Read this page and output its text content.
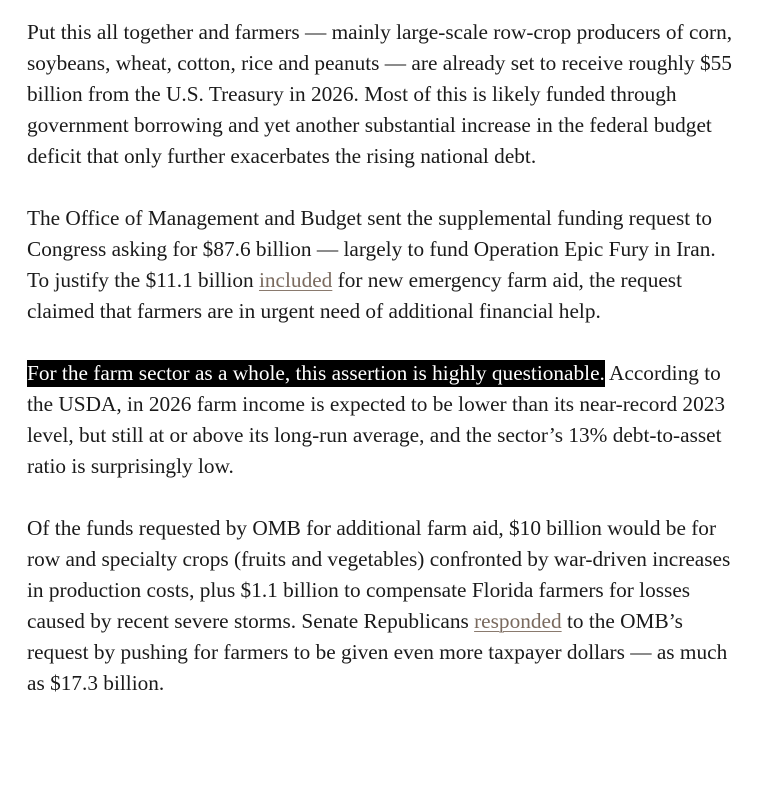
Put this all together and farmers — mainly large-scale row-crop producers of corn, soybeans, wheat, cotton, rice and peanuts — are already set to receive roughly $55 billion from the U.S. Treasury in 2026. Most of this is likely funded through government borrowing and yet another substantial increase in the federal budget deficit that only further exacerbates the rising national debt.

The Office of Management and Budget sent the supplemental funding request to Congress asking for $87.6 billion — largely to fund Operation Epic Fury in Iran. To justify the $11.1 billion included for new emergency farm aid, the request claimed that farmers are in urgent need of additional financial help.

For the farm sector as a whole, this assertion is highly questionable. According to the USDA, in 2026 farm income is expected to be lower than its near-record 2023 level, but still at or above its long-run average, and the sector’s 13% debt-to-asset ratio is surprisingly low.

Of the funds requested by OMB for additional farm aid, $10 billion would be for row and specialty crops (fruits and vegetables) confronted by war-driven increases in production costs, plus $1.1 billion to compensate Florida farmers for losses caused by recent severe storms. Senate Republicans responded to the OMB’s request by pushing for farmers to be given even more taxpayer dollars — as much as $17.3 billion.
